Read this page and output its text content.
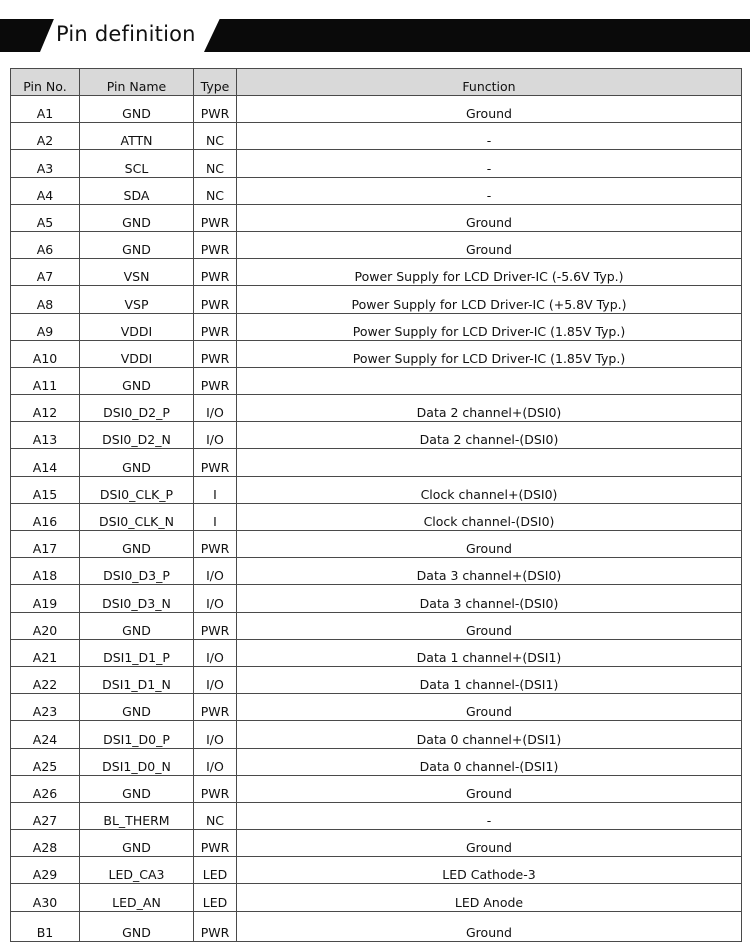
Pin definition
Pin No.	Pin Name	Type	Function
A1	GND	PWR	Ground
A2	ATTN	NC	-
A3	SCL	NC	-
A4	SDA	NC	-
A5	GND	PWR	Ground
A6	GND	PWR	Ground
A7	VSN	PWR	Power Supply for LCD Driver-IC (-5.6V Typ.)
A8	VSP	PWR	Power Supply for LCD Driver-IC (+5.8V Typ.)
A9	VDDI	PWR	Power Supply for LCD Driver-IC (1.85V Typ.)
A10	VDDI	PWR	Power Supply for LCD Driver-IC (1.85V Typ.)
A11	GND	PWR	
A12	DSI0_D2_P	I/O	Data 2 channel+(DSI0)
A13	DSI0_D2_N	I/O	Data 2 channel-(DSI0)
A14	GND	PWR	
A15	DSI0_CLK_P	I	Clock channel+(DSI0)
A16	DSI0_CLK_N	I	Clock channel-(DSI0)
A17	GND	PWR	Ground
A18	DSI0_D3_P	I/O	Data 3 channel+(DSI0)
A19	DSI0_D3_N	I/O	Data 3 channel-(DSI0)
A20	GND	PWR	Ground
A21	DSI1_D1_P	I/O	Data 1 channel+(DSI1)
A22	DSI1_D1_N	I/O	Data 1 channel-(DSI1)
A23	GND	PWR	Ground
A24	DSI1_D0_P	I/O	Data 0 channel+(DSI1)
A25	DSI1_D0_N	I/O	Data 0 channel-(DSI1)
A26	GND	PWR	Ground
A27	BL_THERM	NC	-
A28	GND	PWR	Ground
A29	LED_CA3	LED	LED Cathode-3
A30	LED_AN	LED	LED Anode
B1	GND	PWR	Ground
